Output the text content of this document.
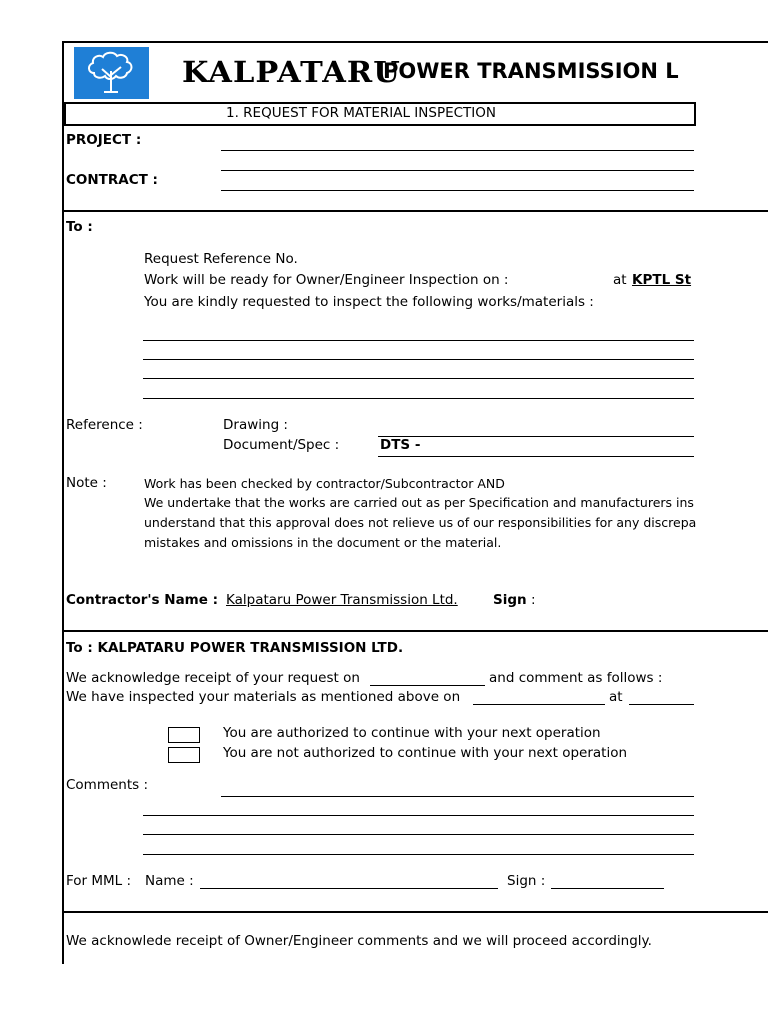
KALPATARU
POWER TRANSMISSION L
1. REQUEST FOR MATERIAL INSPECTION
PROJECT :
CONTRACT :
To :
Request Reference No.
Work will be ready for Owner/Engineer Inspection on :	at KPTL St
You are kindly requested to inspect the following works/materials :
Reference :	Drawing :
Document/Spec :	DTS -
Note :	Work has been checked by contractor/Subcontractor AND
We undertake that the works are carried out as per Specification and manufacturers ins
understand that this approval does not relieve us of our responsibilities for any discrepa
mistakes and omissions in the document or the material.
Contractor's Name : Kalpataru Power Transmission Ltd.	Sign :
To : KALPATARU POWER TRANSMISSION LTD.
We acknowledge receipt of your request on	and comment as follows :
We have inspected your materials as mentioned above on	at
You are authorized to continue with your next operation
You are not authorized to continue with your next operation
Comments :
For MML : Name :	Sign :
We acknowlede receipt of Owner/Engineer comments and we will proceed accordingly.
